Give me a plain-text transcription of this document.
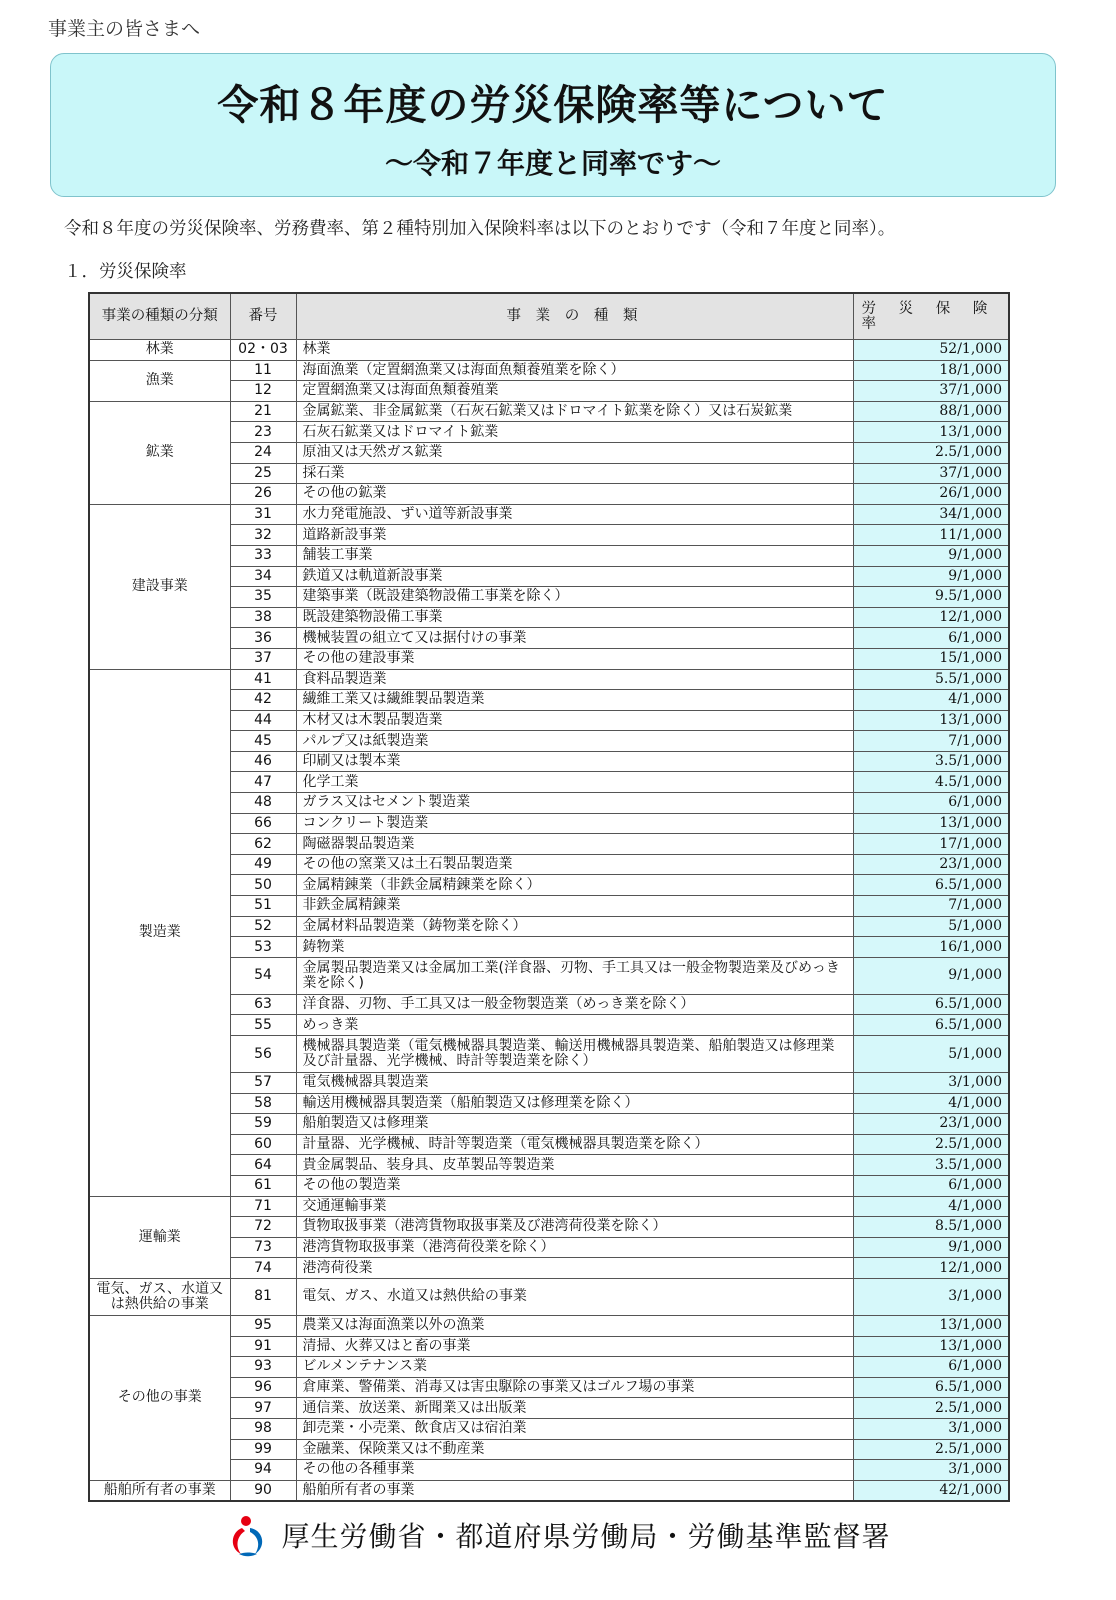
事業主の皆さまへ
令和８年度の労災保険率等について
～令和７年度と同率です～
令和８年度の労災保険率、労務費率、第２種特別加入保険料率は以下のとおりです（令和７年度と同率）。
１．労災保険率
事業の種類の分類	番号	事 業 の 種 類	労 災 保 険 率
林業	02・03	林業	52/1,000
漁業	11	海面漁業（定置網漁業又は海面魚類養殖業を除く）	18/1,000
	12	定置網漁業又は海面魚類養殖業	37/1,000
鉱業	21	金属鉱業、非金属鉱業（石灰石鉱業又はドロマイト鉱業を除く）又は石炭鉱業	88/1,000
	23	石灰石鉱業又はドロマイト鉱業	13/1,000
	24	原油又は天然ガス鉱業	2.5/1,000
	25	採石業	37/1,000
	26	その他の鉱業	26/1,000
建設事業	31	水力発電施設、ずい道等新設事業	34/1,000
	32	道路新設事業	11/1,000
	33	舗装工事業	9/1,000
	34	鉄道又は軌道新設事業	9/1,000
	35	建築事業（既設建築物設備工事業を除く）	9.5/1,000
	38	既設建築物設備工事業	12/1,000
	36	機械装置の組立て又は据付けの事業	6/1,000
	37	その他の建設事業	15/1,000
製造業	41	食料品製造業	5.5/1,000
	42	繊維工業又は繊維製品製造業	4/1,000
	44	木材又は木製品製造業	13/1,000
	45	パルプ又は紙製造業	7/1,000
	46	印刷又は製本業	3.5/1,000
	47	化学工業	4.5/1,000
	48	ガラス又はセメント製造業	6/1,000
	66	コンクリート製造業	13/1,000
	62	陶磁器製品製造業	17/1,000
	49	その他の窯業又は土石製品製造業	23/1,000
	50	金属精錬業（非鉄金属精錬業を除く）	6.5/1,000
	51	非鉄金属精錬業	7/1,000
	52	金属材料品製造業（鋳物業を除く）	5/1,000
	53	鋳物業	16/1,000
	54	金属製品製造業又は金属加工業(洋食器、刃物、手工具又は一般金物製造業及びめっき業を除く)	9/1,000
	63	洋食器、刃物、手工具又は一般金物製造業（めっき業を除く）	6.5/1,000
	55	めっき業	6.5/1,000
	56	機械器具製造業（電気機械器具製造業、輸送用機械器具製造業、船舶製造又は修理業及び計量器、光学機械、時計等製造業を除く）	5/1,000
	57	電気機械器具製造業	3/1,000
	58	輸送用機械器具製造業（船舶製造又は修理業を除く）	4/1,000
	59	船舶製造又は修理業	23/1,000
	60	計量器、光学機械、時計等製造業（電気機械器具製造業を除く）	2.5/1,000
	64	貴金属製品、装身具、皮革製品等製造業	3.5/1,000
	61	その他の製造業	6/1,000
運輸業	71	交通運輸事業	4/1,000
	72	貨物取扱事業（港湾貨物取扱事業及び港湾荷役業を除く）	8.5/1,000
	73	港湾貨物取扱事業（港湾荷役業を除く）	9/1,000
	74	港湾荷役業	12/1,000
電気、ガス、水道又は熱供給の事業	81	電気、ガス、水道又は熱供給の事業	3/1,000
その他の事業	95	農業又は海面漁業以外の漁業	13/1,000
	91	清掃、火葬又はと畜の事業	13/1,000
	93	ビルメンテナンス業	6/1,000
	96	倉庫業、警備業、消毒又は害虫駆除の事業又はゴルフ場の事業	6.5/1,000
	97	通信業、放送業、新聞業又は出版業	2.5/1,000
	98	卸売業・小売業、飲食店又は宿泊業	3/1,000
	99	金融業、保険業又は不動産業	2.5/1,000
	94	その他の各種事業	3/1,000
船舶所有者の事業	90	船舶所有者の事業	42/1,000
厚生労働省・都道府県労働局・労働基準監督署
